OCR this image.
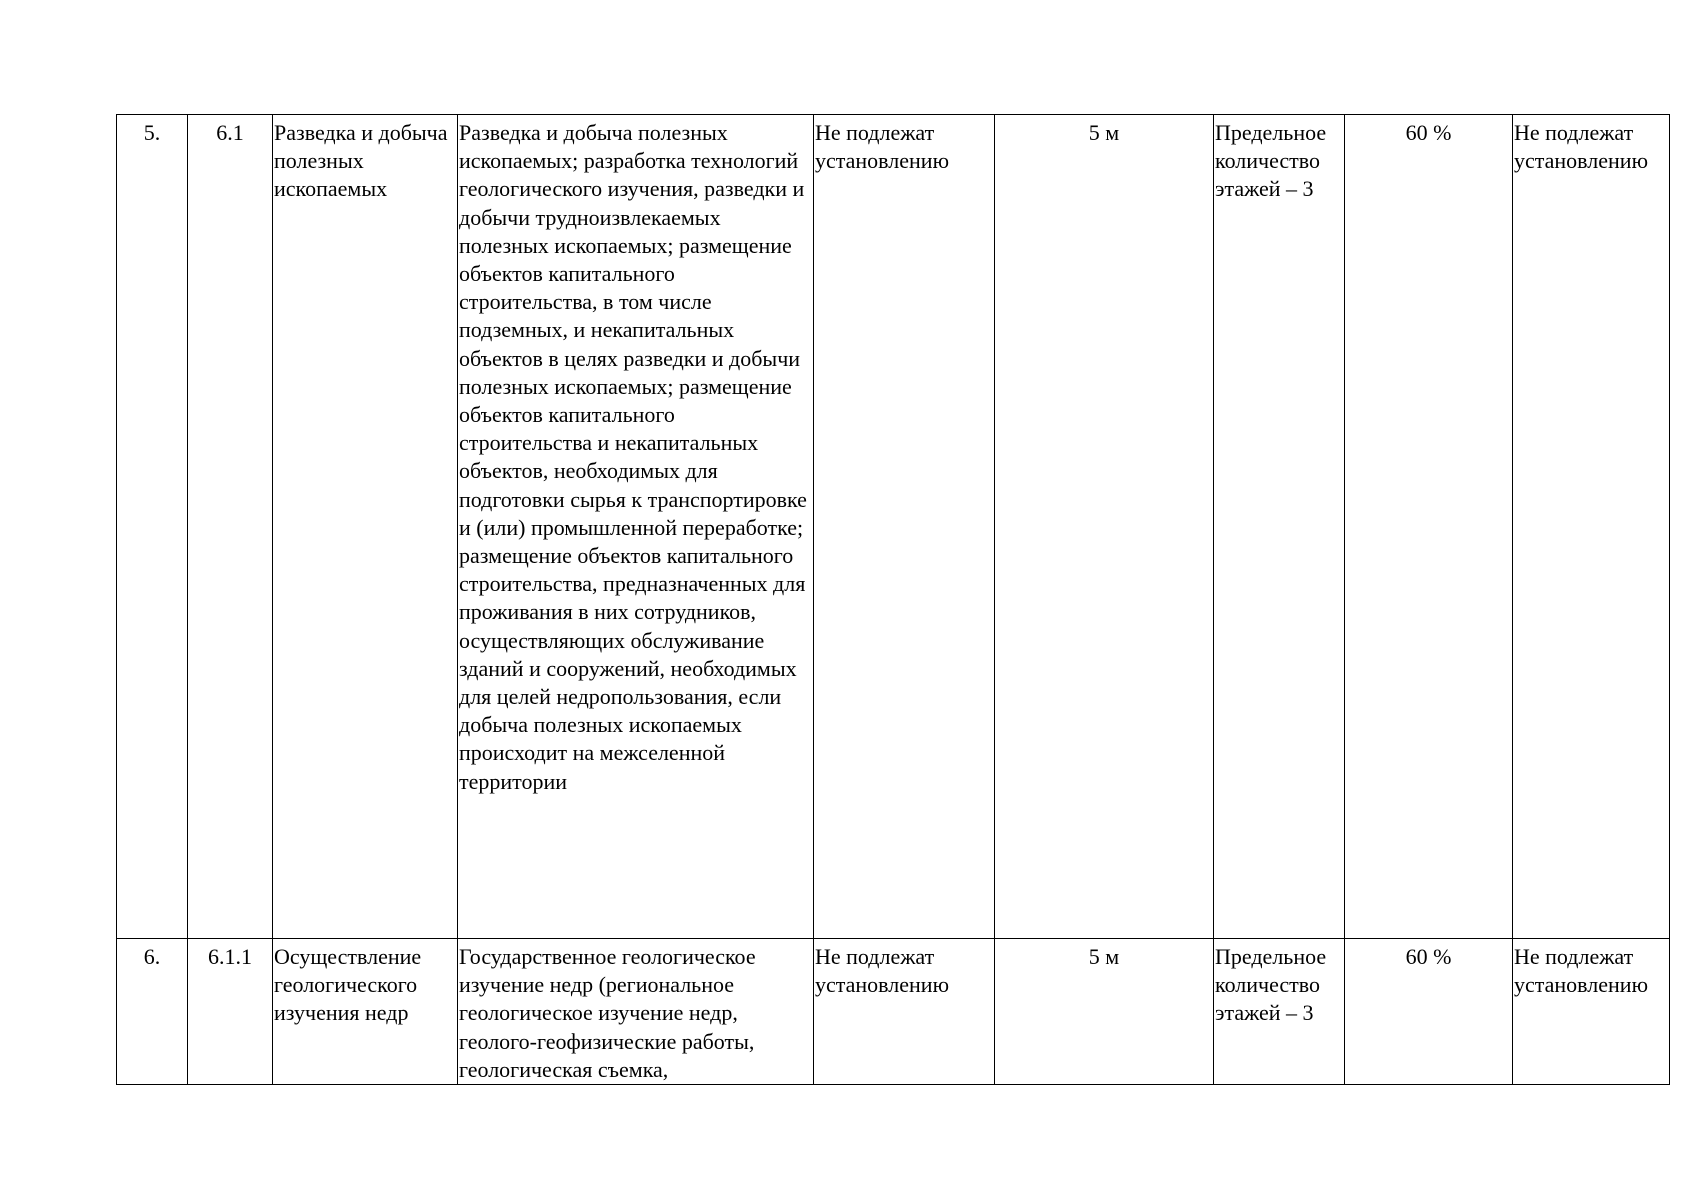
5.	6.1	Разведка и добыча полезных ископаемых	Разведка и добыча полезных ископаемых; разработка технологий геологического изучения, разведки и добычи трудноизвлекаемых полезных ископаемых; размещение объектов капитального строительства, в том числе подземных, и некапитальных объектов в целях разведки и добычи полезных ископаемых; размещение объектов капитального строительства и некапитальных объектов, необходимых для подготовки сырья к транспортировке и (или) промышленной переработке; размещение объектов капитального строительства, предназначенных для проживания в них сотрудников, осуществляющих обслуживание зданий и сооружений, необходимых для целей недропользования, если добыча полезных ископаемых происходит на межселенной территории	Не подлежат установлению	5 м	Предельное количество этажей – 3	60 %	Не подлежат установлению

6.	6.1.1	Осуществление геологического изучения недр	Государственное геологическое изучение недр (региональное геологическое изучение недр, геолого-геофизические работы, геологическая съемка,	Не подлежат установлению	5 м	Предельное количество этажей – 3	60 %	Не подлежат установлению
